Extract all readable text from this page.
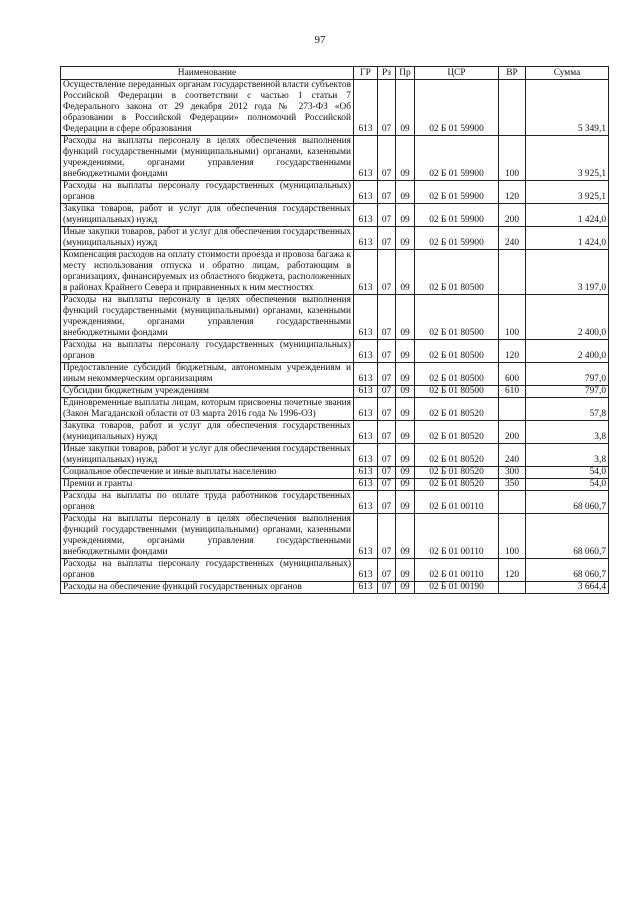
97
Наименование	ГР	Рз	Пр	ЦСР	ВР	Сумма
Осуществление переданных органам государственной власти субъектов Российской Федерации в соответствии с частью 1 статьи 7 Федерального закона от 29 декабря 2012 года № 273-ФЗ «Об образовании в Российской Федерации» полномочий Российской Федерации в сфере образования	613	07	09	02 Б 01 59900		5 349,1
Расходы на выплаты персоналу в целях обеспечения выполнения функций государственными (муниципальными) органами, казенными учреждениями, органами управления государственными внебюджетными фондами	613	07	09	02 Б 01 59900	100	3 925,1
Расходы на выплаты персоналу государственных (муниципальных) органов	613	07	09	02 Б 01 59900	120	3 925,1
Закупка товаров, работ и услуг для обеспечения государственных (муниципальных) нужд	613	07	09	02 Б 01 59900	200	1 424,0
Иные закупки товаров, работ и услуг для обеспечения государственных (муниципальных) нужд	613	07	09	02 Б 01 59900	240	1 424,0
Компенсация расходов на оплату стоимости проезда и провоза багажа к месту использования отпуска и обратно лицам, работающим в организациях, финансируемых из областного бюджета, расположенных в районах Крайнего Севера и приравненных к ним местностях	613	07	09	02 Б 01 80500		3 197,0
Расходы на выплаты персоналу в целях обеспечения выполнения функций государственными (муниципальными) органами, казенными учреждениями, органами управления государственными внебюджетными фондами	613	07	09	02 Б 01 80500	100	2 400,0
Расходы на выплаты персоналу государственных (муниципальных) органов	613	07	09	02 Б 01 80500	120	2 400,0
Предоставление субсидий бюджетным, автономным учреждениям и иным некоммерческим организациям	613	07	09	02 Б 01 80500	600	797,0
Субсидии бюджетным учреждениям	613	07	09	02 Б 01 80500	610	797,0
Единовременные выплаты лицам, которым присвоены почетные звания (Закон Магаданской области от 03 марта 2016 года № 1996-ОЗ)	613	07	09	02 Б 01 80520		57,8
Закупка товаров, работ и услуг для обеспечения государственных (муниципальных) нужд	613	07	09	02 Б 01 80520	200	3,8
Иные закупки товаров, работ и услуг для обеспечения государственных (муниципальных) нужд	613	07	09	02 Б 01 80520	240	3,8
Социальное обеспечение и иные выплаты населению	613	07	09	02 Б 01 80520	300	54,0
Премии и гранты	613	07	09	02 Б 01 80520	350	54,0
Расходы на выплаты по оплате труда работников государственных органов	613	07	09	02 Б 01 00110		68 060,7
Расходы на выплаты персоналу в целях обеспечения выполнения функций государственными (муниципальными) органами, казенными учреждениями, органами управления государственными внебюджетными фондами	613	07	09	02 Б 01 00110	100	68 060,7
Расходы на выплаты персоналу государственных (муниципальных) органов	613	07	09	02 Б 01 00110	120	68 060,7
Расходы на обеспечение функций государственных органов	613	07	09	02 Б 01 00190		3 664,4
